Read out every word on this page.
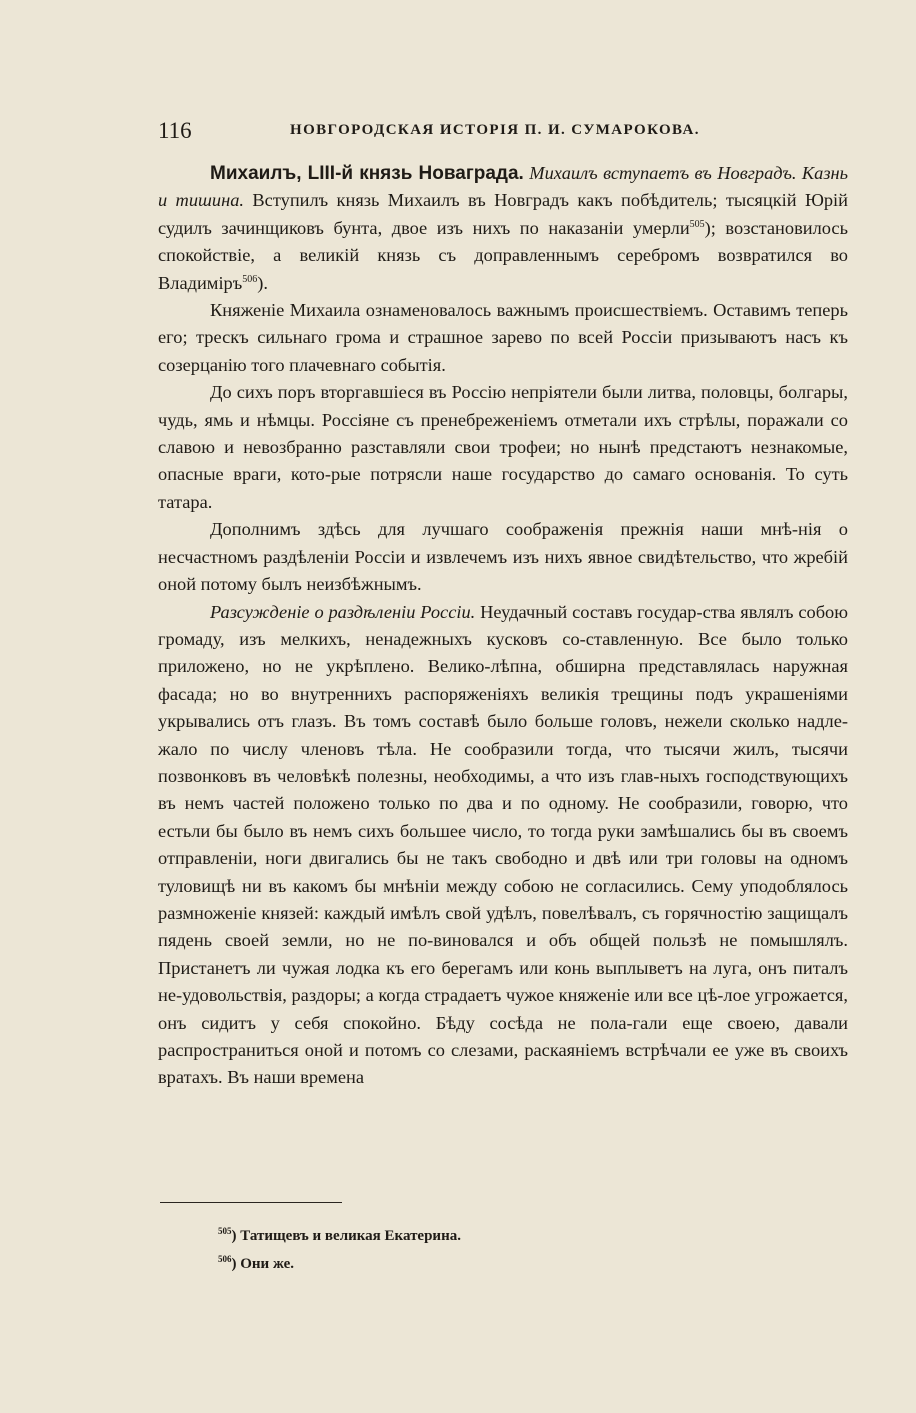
116	НОВГОРОДСКАЯ ИСТОРІЯ П. И. СУМАРОКОВА.

Михаилъ, LIII-й князь Новаграда. Михаилъ вступаетъ въ Новградъ. Казнь и тишина. Вступилъ князь Михаилъ въ Новградъ какъ побѣдитель; тысяцкій Юрій судилъ зачинщиковъ бунта, двое изъ нихъ по наказаніи умерли$^{505}$); возстановилось спокойствіе, а великій князь съ доправленнымъ серебромъ возвратился во Владиміръ$^{506}$).

Княженіе Михаила ознаменовалось важнымъ происшествіемъ. Оставимъ теперь его; трескъ сильнаго грома и страшное зарево по всей Россіи призываютъ насъ къ созерцанію того плачевнаго событія.

До сихъ поръ вторгавшіеся въ Россію непріятели были литва, половцы, болгары, чудь, ямь и нѣмцы. Россіяне съ пренебреженіемъ отметали ихъ стрѣлы, поражали со славою и невозбранно разставляли свои трофеи; но нынѣ предстаютъ незнакомые, опасные враги, кото-рые потрясли наше государство до самаго основанія. То суть татара.

Дополнимъ здѣсь для лучшаго соображенія прежнія наши мнѣ-нія о несчастномъ раздѣленіи Россіи и извлечемъ изъ нихъ явное свидѣтельство, что жребій оной потому былъ неизбѣжнымъ.

Разсужденіе о раздѣленіи Россіи. Неудачный составъ государ-ства являлъ собою громаду, изъ мелкихъ, ненадежныхъ кусковъ со-ставленную. Все было только приложено, но не укрѣплено. Велико-лѣпна, обширна представлялась наружная фасада; но во внутреннихъ распоряженіяхъ великія трещины подъ украшеніями укрывались отъ глазъ. Въ томъ составѣ было больше головъ, нежели сколько надле-жало по числу членовъ тѣла. Не сообразили тогда, что тысячи жилъ, тысячи позвонковъ въ человѣкѣ полезны, необходимы, а что изъ глав-ныхъ господствующихъ въ немъ частей положено только по два и по одному. Не сообразили, говорю, что естьли бы было въ немъ сихъ большее число, то тогда руки замѣшались бы въ своемъ отправленіи, ноги двигались бы не такъ свободно и двѣ или три головы на одномъ туловищѣ ни въ какомъ бы мнѣніи между собою не согласились. Сему уподоблялось размноженіе князей: каждый имѣлъ свой удѣлъ, повелѣвалъ, съ горячностію защищалъ пядень своей земли, но не по-виновался и объ общей пользѣ не помышлялъ. Пристанетъ ли чужая лодка къ его берегамъ или конь выплыветъ на луга, онъ питалъ не-удовольствія, раздоры; а когда страдаетъ чужое княженіе или все цѣ-лое угрожается, онъ сидитъ у себя спокойно. Бѣду сосѣда не пола-гали еще своею, давали распространиться оной и потомъ со слезами, раскаяніемъ встрѣчали ее уже въ своихъ вратахъ. Въ наши времена

$^{505}$) Татищевъ и великая Екатерина.
$^{506}$) Они же.
